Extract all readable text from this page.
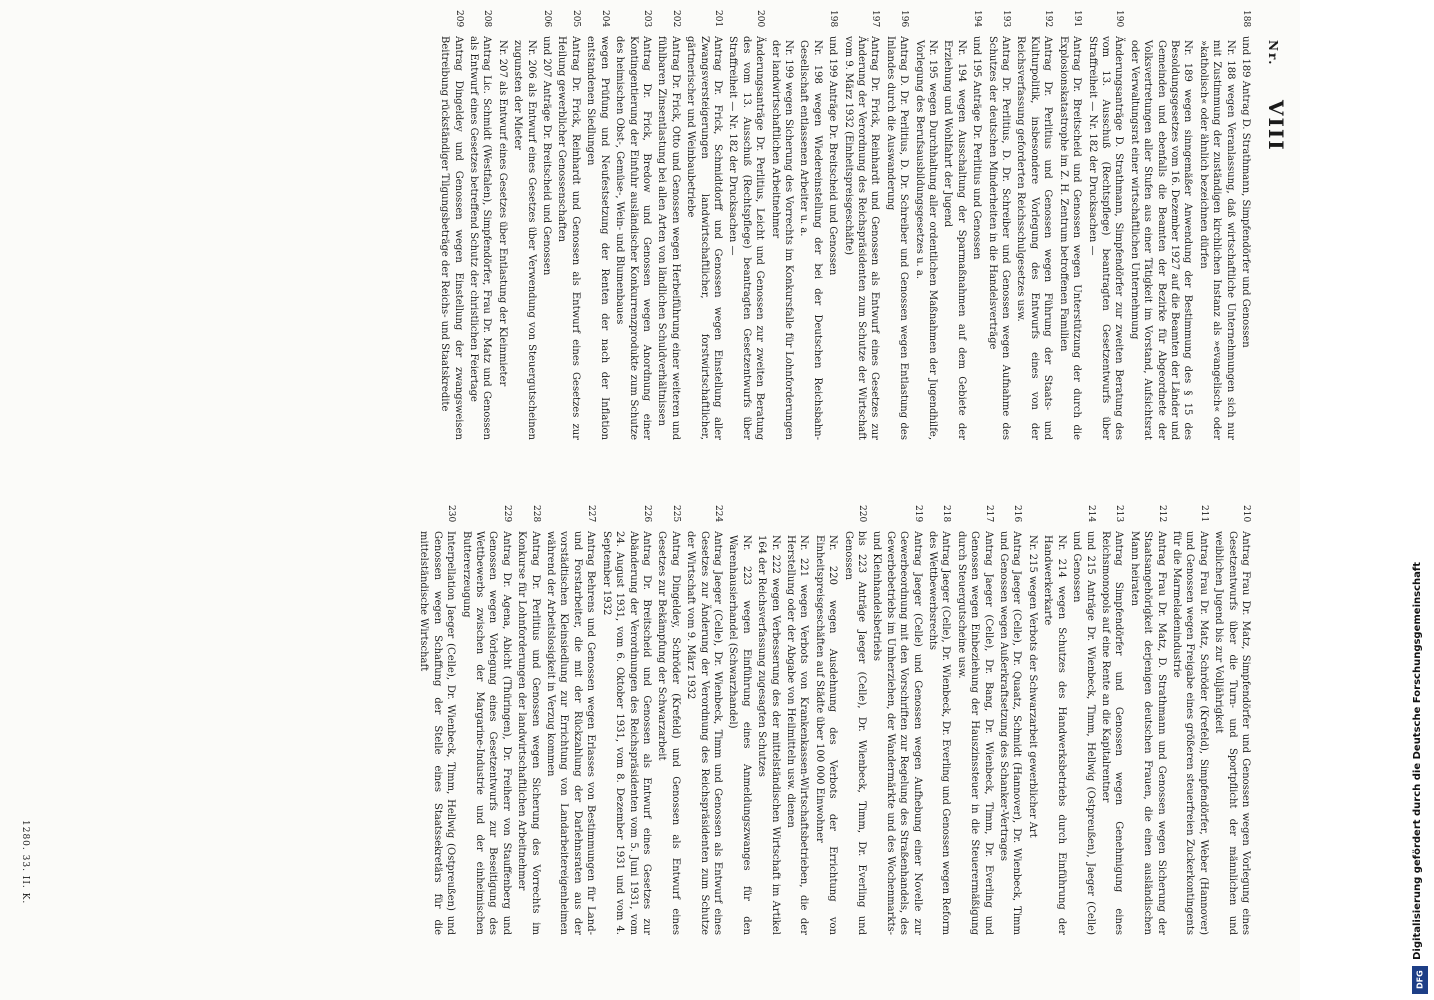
Nr.
VIII
188
und 189 Antrag D. Strathmann, Simpfendörfer und Genossen
Nr. 188 wegen Veranlassung, daß wirtschaftliche Unternehmungen sich nur mit Zustimmung der zuständigen kirchlichen Instanz als »evangelisch« oder »katholisch« oder ähnlich bezeichnen dürfen
Nr. 189 wegen sinngemäßer Anwendung der Bestimmung des § 15 des Besoldungsgesetzes vom 16. Dezember 1927 auf die Beamten der Länder und Gemeinden und ebenfalls die Beamten der Bezirke für Abgeordnete der Volksvertretungen aller Stufen aus einer Tätigkeit im Vorstand, Aufsichtsrat oder Verwaltungsrat einer wirtschaftlichen Unternehmung
190
Änderungsanträge D. Strathmann, Simpfendörfer zur zweiten Beratung des vom 13. Ausschuß (Rechtspflege) beantragten Gesetzentwurfs über Straffreiheit — Nr. 182 der Drucksachen —
191
Antrag Dr. Breitscheid und Genossen wegen Unterstützung der durch die Explosionskatastrophe im Z. H. Zentrum betroffenen Familien
192
Antrag Dr. Perlitius und Genossen wegen Führung der Staats- und Kulturpolitik, insbesondere Vorlegung des Entwurfs eines von der Reichsverfassung geforderten Reichsschulgesetzes usw.
193
Antrag Dr. Perlitius, D. Dr. Schreiber und Genossen wegen Aufnahme des Schutzes der deutschen Minderheiten in die Handelsverträge
194
und 195 Anträge Dr. Perlitius und Genossen
Nr. 194 wegen Ausschaltung der Sparmaßnahmen auf dem Gebiete der Erziehung und Wohlfahrt der Jugend
Nr. 195 wegen Durchhaltung aller ordentlichen Maßnahmen der Jugendhilfe, Vorlegung des Berufsausbildungsgesetzes u. a.
196
Antrag D. Dr. Perlitius, D. Dr. Schreiber und Genossen wegen Entlastung des Inlandes durch die Auswanderung
197
Antrag Dr. Frick, Reinhardt und Genossen als Entwurf eines Gesetzes zur Änderung der Verordnung des Reichspräsidenten zum Schutze der Wirtschaft vom 9. März 1932 (Einheitspreisgeschäfte)
198
und 199 Anträge Dr. Breitscheid und Genossen
Nr. 198 wegen Wiedereinstellung der bei der Deutschen Reichsbahn-Gesellschaft entlassenen Arbeiter u. a.
Nr. 199 wegen Sicherung des Vorrechts im Konkursfalle für Lohnforderungen der landwirtschaftlichen Arbeitnehmer
200
Änderungsanträge Dr. Perlitius, Leicht und Genossen zur zweiten Beratung des vom 13. Ausschuß (Rechtspflege) beantragten Gesetzentwurfs über Straffreiheit — Nr. 182 der Drucksachen —
201
Antrag Dr. Frick, Schmidtdorff und Genossen wegen Einstellung aller Zwangsversteigerungen landwirtschaftlicher, forstwirtschaftlicher, gärtnerischer und Weinbaubetriebe
202
Antrag Dr. Frick, Otto und Genossen wegen Herbeiführung einer weiteren und fühlbaren Zinsentlastung bei allen Arten von ländlichen Schuldverhältnissen
203
Antrag Dr. Frick, Bredow und Genossen wegen Anordnung einer Kontingentierung der Einfuhr ausländischer Konkurrenzprodukte zum Schutze des heimischen Obst-, Gemüse-, Wein- und Blumenbaues
204
wegen Prüfung und Neufestsetzung der Renten der nach der Inflation entstandenen Siedlungen
205
Antrag Dr. Frick, Reinhardt und Genossen als Entwurf eines Gesetzes zur Heilung gewerblicher Genossenschaften
206
und 207 Anträge Dr. Breitscheid und Genossen
Nr. 206 als Entwurf eines Gesetzes über Verwendung von Steuergutscheinen zugunsten der Mieter
Nr. 207 als Entwurf eines Gesetzes über Entlastung der Kleinmieter
208
Antrag Lic. Schmidt (Westfalen), Simpfendörfer, Frau Dr. Matz und Genossen als Entwurf eines Gesetzes betreffend Schutz der christlichen Feiertage
209
Antrag Dingeldey und Genossen wegen Einstellung der zwangsweisen Beitreibung rückständiger Tilgungsbeträge der Reichs- und Staatskredite
210
Antrag Frau Dr. Matz, Simpfendörfer und Genossen wegen Vorlegung eines Gesetzentwurfs über die Turn- und Sportpflicht der männlichen und weiblichen Jugend bis zur Volljährigkeit
211
Antrag Frau Dr. Matz, Schröder (Krefeld), Simpfendörfer, Weber (Hannover) und Genossen wegen Freigabe eines größeren steuerfreien Zuckerkontingents für die Marmeladenindustrie
212
Antrag Frau Dr. Matz, D. Strathmann und Genossen wegen Sicherung der Staatsangehörigkeit derjenigen deutschen Frauen, die einen ausländischen Mann heiraten
213
Antrag Simpfendörfer und Genossen wegen Genehmigung eines Reichsmonopols auf eine Rente an die Kapitalrentner
214
und 215 Anträge Dr. Wienbeck, Timm, Hellwig (Ostpreußen), Jaeger (Celle) und Genossen
Nr. 214 wegen Schutzes des Handwerksbetriebs durch Einführung der Handwerkerkarte
Nr. 215 wegen Verbots der Schwarzarbeit gewerblicher Art
216
Antrag Jaeger (Celle), Dr. Quaatz, Schmidt (Hannover), Dr. Wienbeck, Timm und Genossen wegen Außerkraftsetzung des Schanker-Vertrages
217
Antrag Jaeger (Celle), Dr. Bang, Dr. Wienbeck, Timm, Dr. Everling und Genossen wegen Einbeziehung der Hauszinssteuer in die Steuerermäßigung durch Steuergutscheine usw.
218
Antrag Jaeger (Celle), Dr. Wienbeck, Dr. Everling und Genossen wegen Reform des Wettbewerbsrechts
219
Antrag Jaeger (Celle) und Genossen wegen Aufhebung einer Novelle zur Gewerbeordnung mit den Vorschriften zur Regelung des Straßenhandels, des Gewerbebetriebs im Umherziehen, der Wandermärkte und des Wochenmarkts- und Kleinhandelsbetriebs
220
bis 223 Anträge Jaeger (Celle), Dr. Wienbeck, Timm, Dr. Everling und Genossen
Nr. 220 wegen Ausdehnung des Verbots der Errichtung von Einheitspreisgeschäften auf Städte über 100 000 Einwohner
Nr. 221 wegen Verbots von Krankenkassen-Wirtschaftsbetrieben, die der Herstellung oder der Abgabe von Heilmitteln usw. dienen
Nr. 222 wegen Verbesserung des der mittelständischen Wirtschaft im Artikel 164 der Reichsverfassung zugesagten Schutzes
Nr. 223 wegen Einführung eines Anmeldungszwanges für den Warenhausierhandel (Schwarzhandel)
224
Antrag Jaeger (Celle), Dr. Wienbeck, Timm und Genossen als Entwurf eines Gesetzes zur Änderung der Verordnung des Reichspräsidenten zum Schutze der Wirtschaft vom 9. März 1932
225
Antrag Dingeldey, Schröder (Krefeld) und Genossen als Entwurf eines Gesetzes zur Bekämpfung der Schwarzarbeit
226
Antrag Dr. Breitscheid und Genossen als Entwurf eines Gesetzes zur Abänderung der Verordnungen des Reichspräsidenten vom 5. Juni 1931, vom 24. August 1931, vom 6. Oktober 1931, vom 8. Dezember 1931 und vom 4. September 1932
227
Antrag Behrens und Genossen wegen Erlasses von Bestimmungen für Land- und Forstarbeiter, die mit der Rückzahlung der Darlehnsraten aus der vorstädtischen Kleinsiedlung zur Errichtung von Landarbeitereigenheimen während der Arbeitslosigkeit in Verzug kommen
228
Antrag Dr. Perlitius und Genossen wegen Sicherung des Vorrechts im Konkurse für Lohnforderungen der landwirtschaftlichen Arbeitnehmer
229
Antrag Dr. Agena, Abicht (Thüringen), Dr. Freiherr von Stauffenberg und Genossen wegen Vorlegung eines Gesetzentwurfs zur Beseitigung des Wettbewerbs zwischen der Margarine-Industrie und der einheimischen Buttererzeugung
230
Interpellation Jaeger (Celle), Dr. Wienbeck, Timm, Hellwig (Ostpreußen) und Genossen wegen Schaffung der Stelle eines Staatssekretärs für die mittelständische Wirtschaft
1280. 33. II. K.	Digitalisierung gefördert durch die Deutsche Forschungsgemeinschaft
DFG
